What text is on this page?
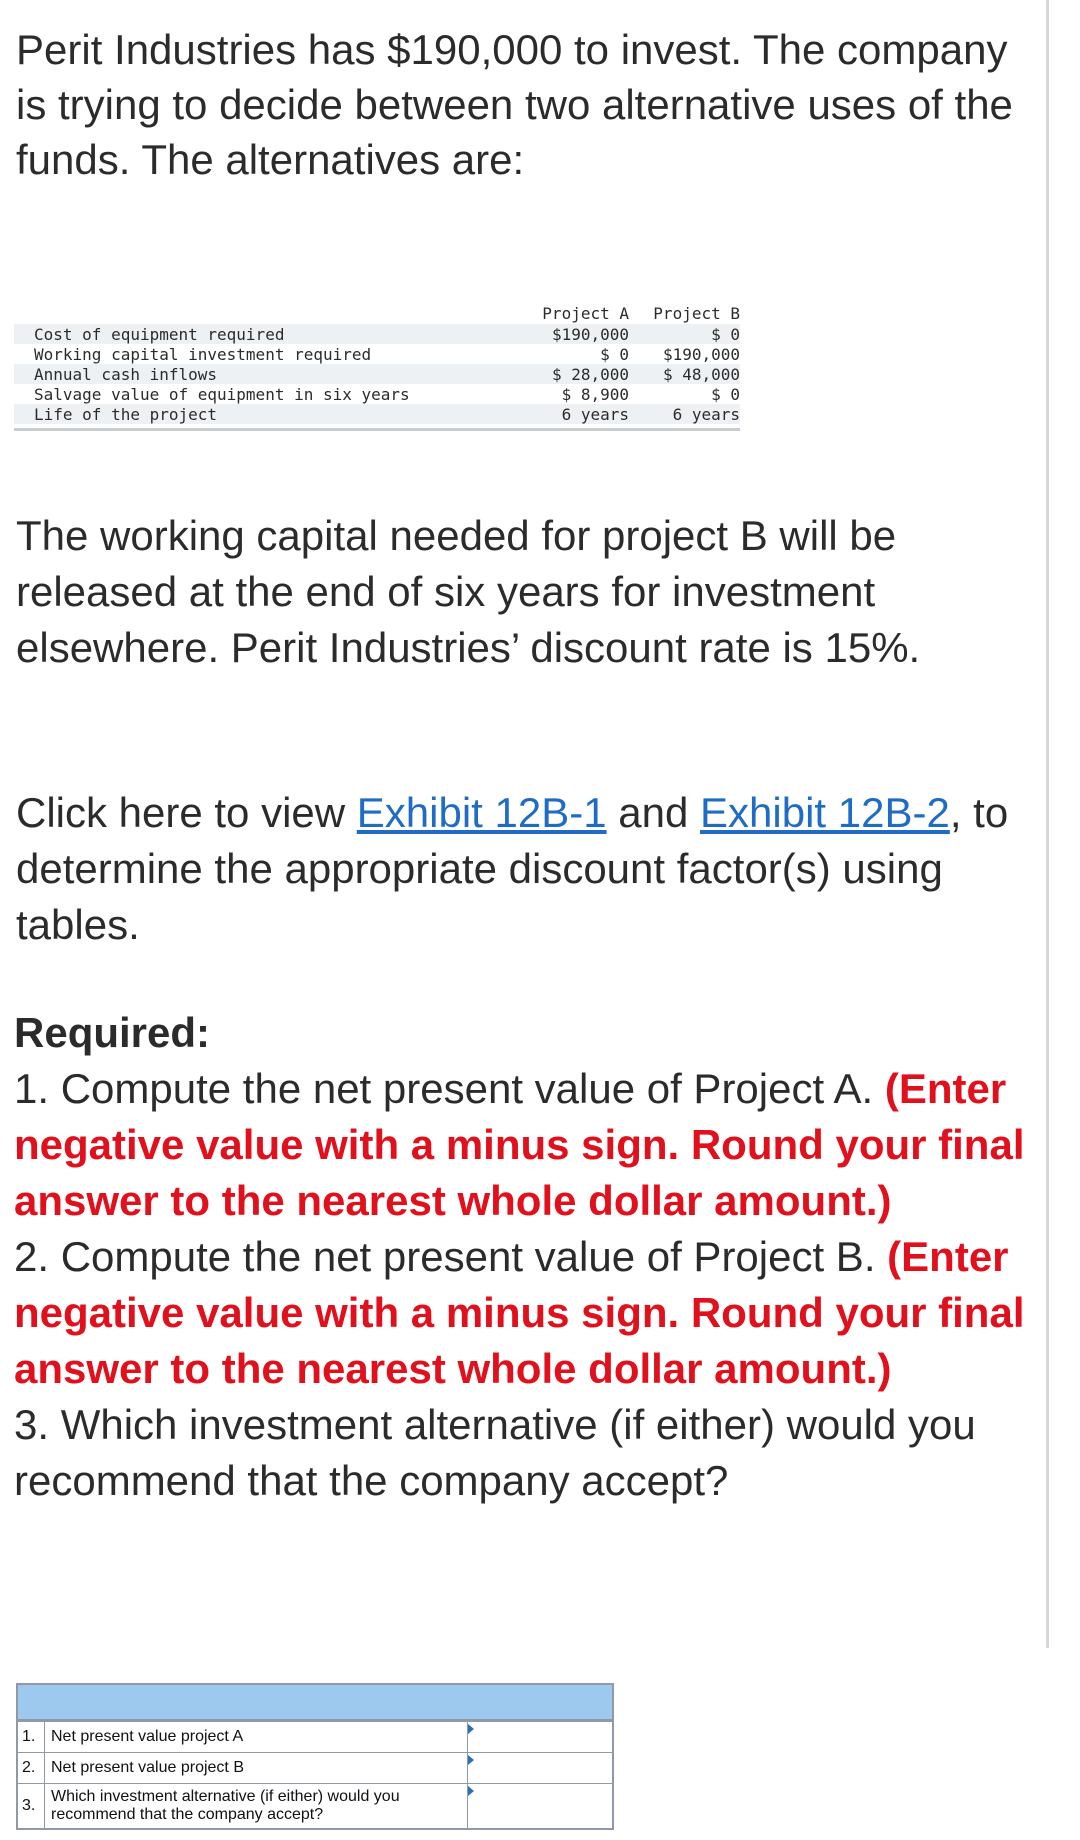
Perit Industries has $190,000 to invest. The company is trying to decide between two alternative uses of the funds. The alternatives are:

Project A	Project B
Cost of equipment required	$190,000	$ 0
Working capital investment required	$ 0	$190,000
Annual cash inflows	$ 28,000	$ 48,000
Salvage value of equipment in six years	$ 8,900	$ 0
Life of the project	6 years	6 years

The working capital needed for project B will be released at the end of six years for investment elsewhere. Perit Industries’ discount rate is 15%.

Click here to view Exhibit 12B-1 and Exhibit 12B-2, to determine the appropriate discount factor(s) using tables.

Required:

1. Compute the net present value of Project A. (Enter negative value with a minus sign. Round your final answer to the nearest whole dollar amount.)

2. Compute the net present value of Project B. (Enter negative value with a minus sign. Round your final answer to the nearest whole dollar amount.)

3. Which investment alternative (if either) would you recommend that the company accept?

1. Net present value project A
2. Net present value project B
3.
Which investment alternative (if either) would you recommend that the company accept?
